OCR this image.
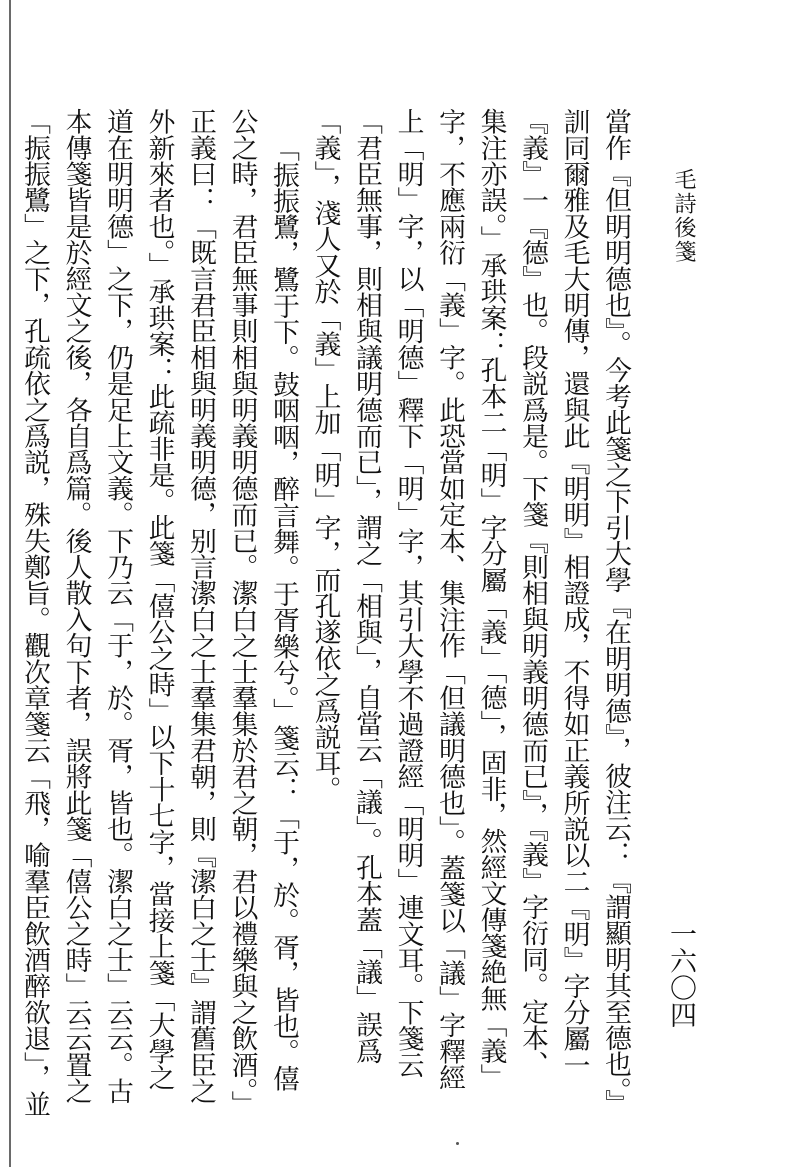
毛詩後箋
當作『但明明德也』。今考此箋之下引大學『在明明德』，彼注云：『謂顯明其至德也。』
訓同爾雅及毛大明傳，還與此『明明』相證成，不得如正義所説以二『明』字分屬一
『義』一『德』也。段説爲是。下箋『則相與明義明德而已』，『義』字衍同。定本、
集注亦誤。」承珙案：孔本二「明」字分屬「義」「德」，固非，然經文傳箋絶無「義」
字，不應兩衍「義」字。此恐當如定本、集注作「但議明德也」。蓋箋以「議」字釋經
上「明」字，以「明德」釋下「明」字，其引大學不過證經「明明」連文耳。下箋云
「君臣無事，則相與議明德而已」，謂之「相與」，自當云「議」。孔本蓋「議」誤爲
「義」，淺人又於「義」上加「明」字，而孔遂依之爲説耳。
「振振鷺，鷺于下。鼓咽咽，醉言舞。于胥樂兮。」箋云：「于，於。胥，皆也。僖
公之時，君臣無事則相與明義明德而已。潔白之士羣集於君之朝，君以禮樂與之飲酒。」
正義曰：「既言君臣相與明義明德，别言潔白之士羣集君朝，則『潔白之士』謂舊臣之
外新來者也。」承珙案：此疏非是。此箋「僖公之時」以下十七字，當接上箋「大學之
道在明明德」之下，仍是足上文義。下乃云「于，於。胥，皆也。潔白之士」云云。古
本傳箋皆是於經文之後，各自爲篇。後人散入句下者，誤將此箋「僖公之時」云云置之
「振振鷺」之下，孔疏依之爲説，殊失鄭旨。觀次章箋云「飛，喻羣臣飲酒醉欲退」，並	一六〇四
